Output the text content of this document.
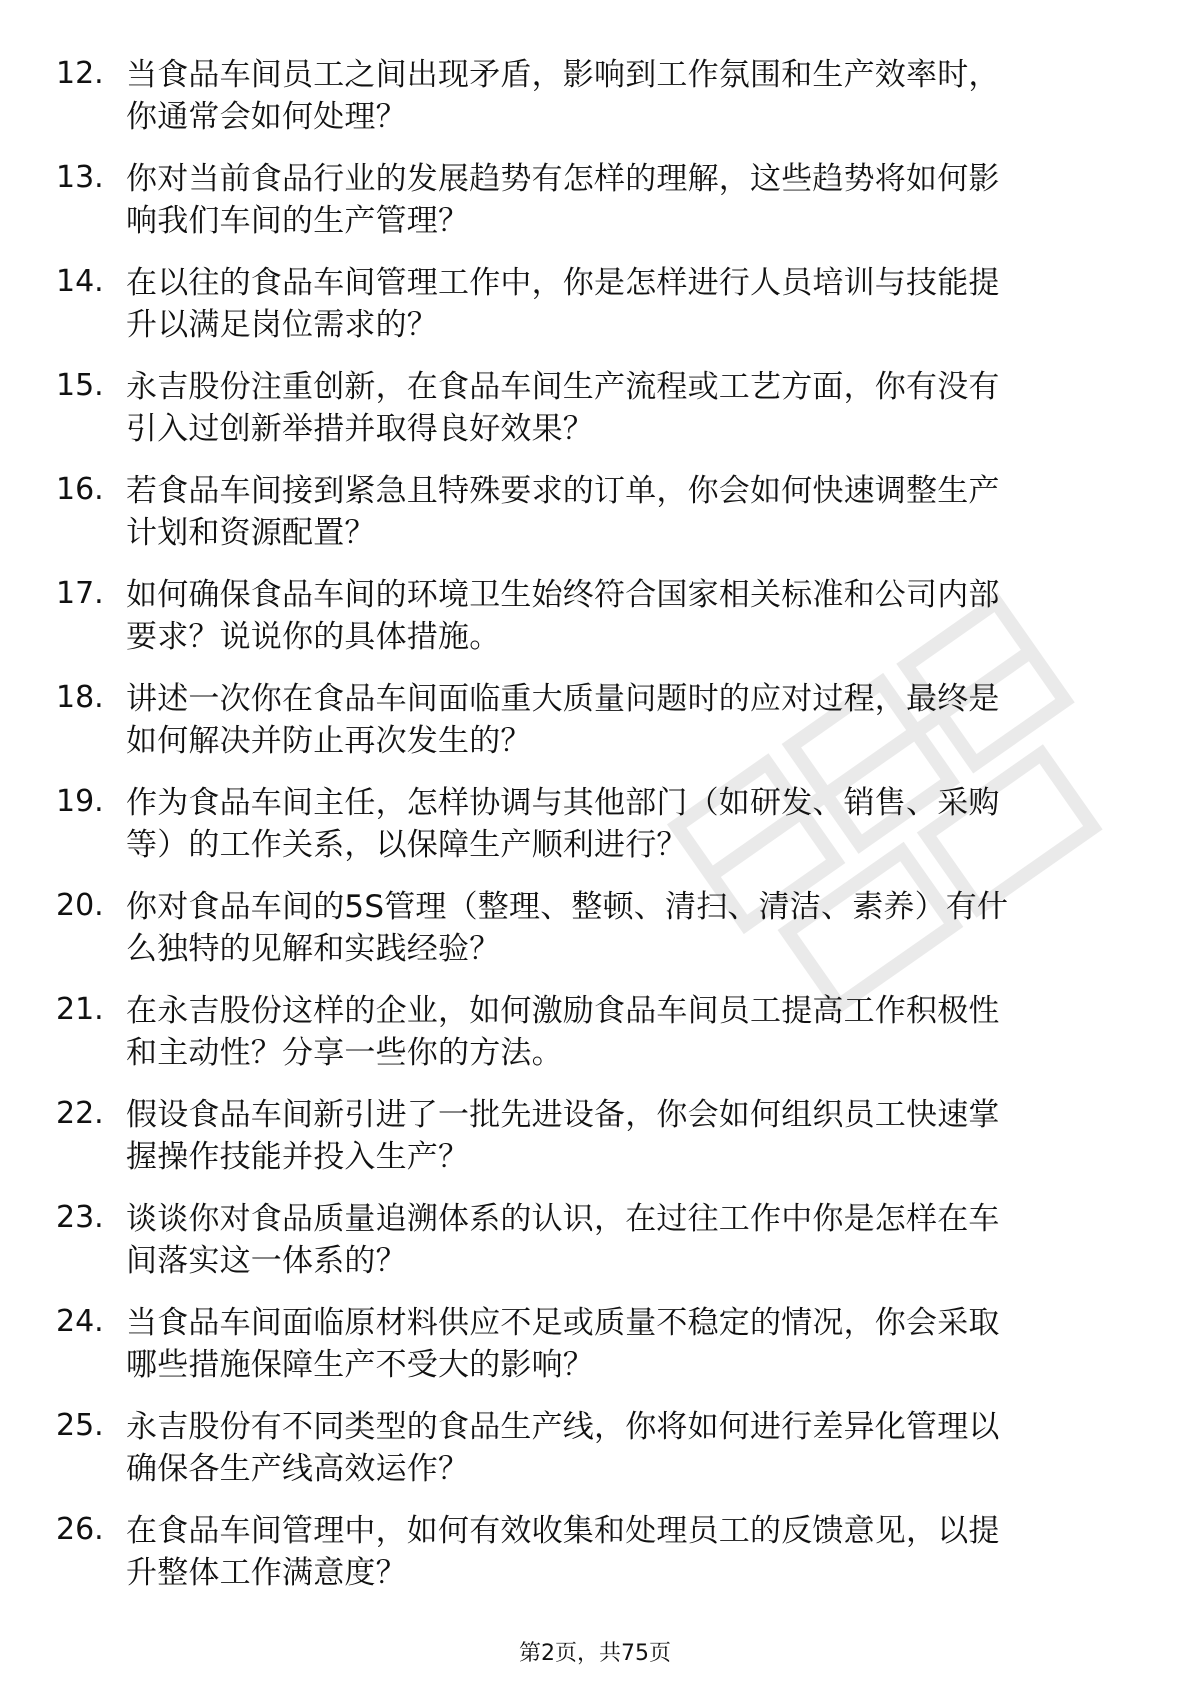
12. 当食品车间员工之间出现矛盾，影响到工作氛围和生产效率时，
你通常会如何处理？
13. 你对当前食品行业的发展趋势有怎样的理解，这些趋势将如何影
响我们车间的生产管理？
14. 在以往的食品车间管理工作中，你是怎样进行人员培训与技能提
升以满足岗位需求的？
15. 永吉股份注重创新，在食品车间生产流程或工艺方面，你有没有
引入过创新举措并取得良好效果？
16. 若食品车间接到紧急且特殊要求的订单，你会如何快速调整生产
计划和资源配置？
17. 如何确保食品车间的环境卫生始终符合国家相关标准和公司内部
要求？说说你的具体措施。
18. 讲述一次你在食品车间面临重大质量问题时的应对过程，最终是
如何解决并防止再次发生的？
19. 作为食品车间主任，怎样协调与其他部门（如研发、销售、采购
等）的工作关系，以保障生产顺利进行？
20. 你对食品车间的5S管理（整理、整顿、清扫、清洁、素养）有什
么独特的见解和实践经验？
21. 在永吉股份这样的企业，如何激励食品车间员工提高工作积极性
和主动性？分享一些你的方法。
22. 假设食品车间新引进了一批先进设备，你会如何组织员工快速掌
握操作技能并投入生产？
23. 谈谈你对食品质量追溯体系的认识，在过往工作中你是怎样在车
间落实这一体系的？
24. 当食品车间面临原材料供应不足或质量不稳定的情况，你会采取
哪些措施保障生产不受大的影响？
25. 永吉股份有不同类型的食品生产线，你将如何进行差异化管理以
确保各生产线高效运作？
26. 在食品车间管理中，如何有效收集和处理员工的反馈意见，以提
升整体工作满意度？
第2页，共75页
